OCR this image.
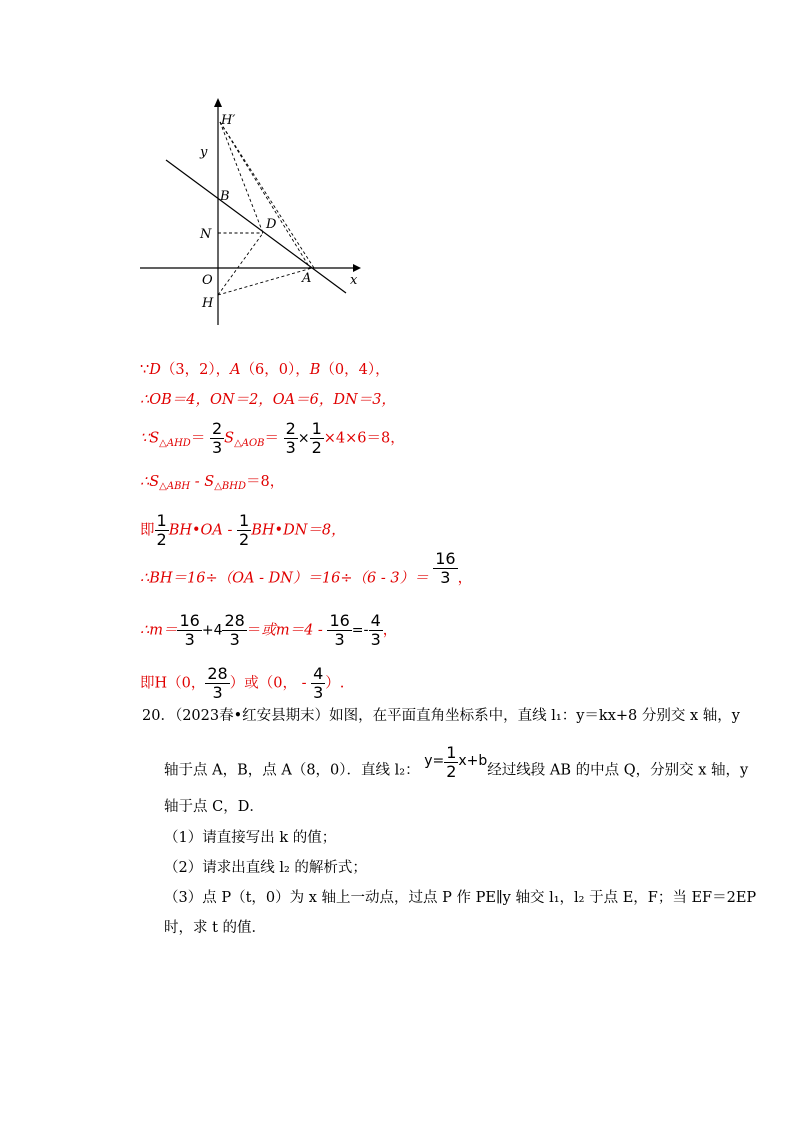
H′
y
B
N
D
O	A	x
H
∵D（3，2），A（6，0），B（0，4），
∴OB＝4，ON＝2，OA＝6，DN＝3，
$\because S_{\triangle AHD}= \frac{2}{3} S_{\triangle AOB}= \frac{2}{3} \times \frac{1}{2} \times 4\times 6=8$，
$\therefore S_{\triangle ABH} - S_{\triangle BHD}=8$，
即 $\frac{1}{2}$ BH•OA - $\frac{1}{2}$ BH•DN＝8，
∴BH＝16÷（OA - $DN)=16\div(6 - 3)= \frac{16}{3}$ ，
∴m＝ $\frac{16}{3} +4 \frac{28}{3}$ ＝或$m=4 - \frac{16}{3} =- \frac{4}{3}$ ，
即H（0， $\frac{28}{3}$ ）或（0， - $\frac{4}{3}$ ）.
20．（2023春•红安县期末）如图，在平面直角坐标系中，直线 l₁：y＝kx+8 分别交 x 轴，y
轴于点 A，B，点 A（8，0）．直线 l₂： $y= \frac{1}{2} x+b$经过线段 AB 的中点 Q，分别交 x 轴，y
轴于点 C，D．
（1）请直接写出 k 的值；
（2）请求出直线 l₂ 的解析式；
（3）点 P（t，0）为 x 轴上一动点，过点 P 作 PE∥y 轴交 l₁，l₂ 于点 E，F；当 EF＝2EP
时，求 t 的值．
